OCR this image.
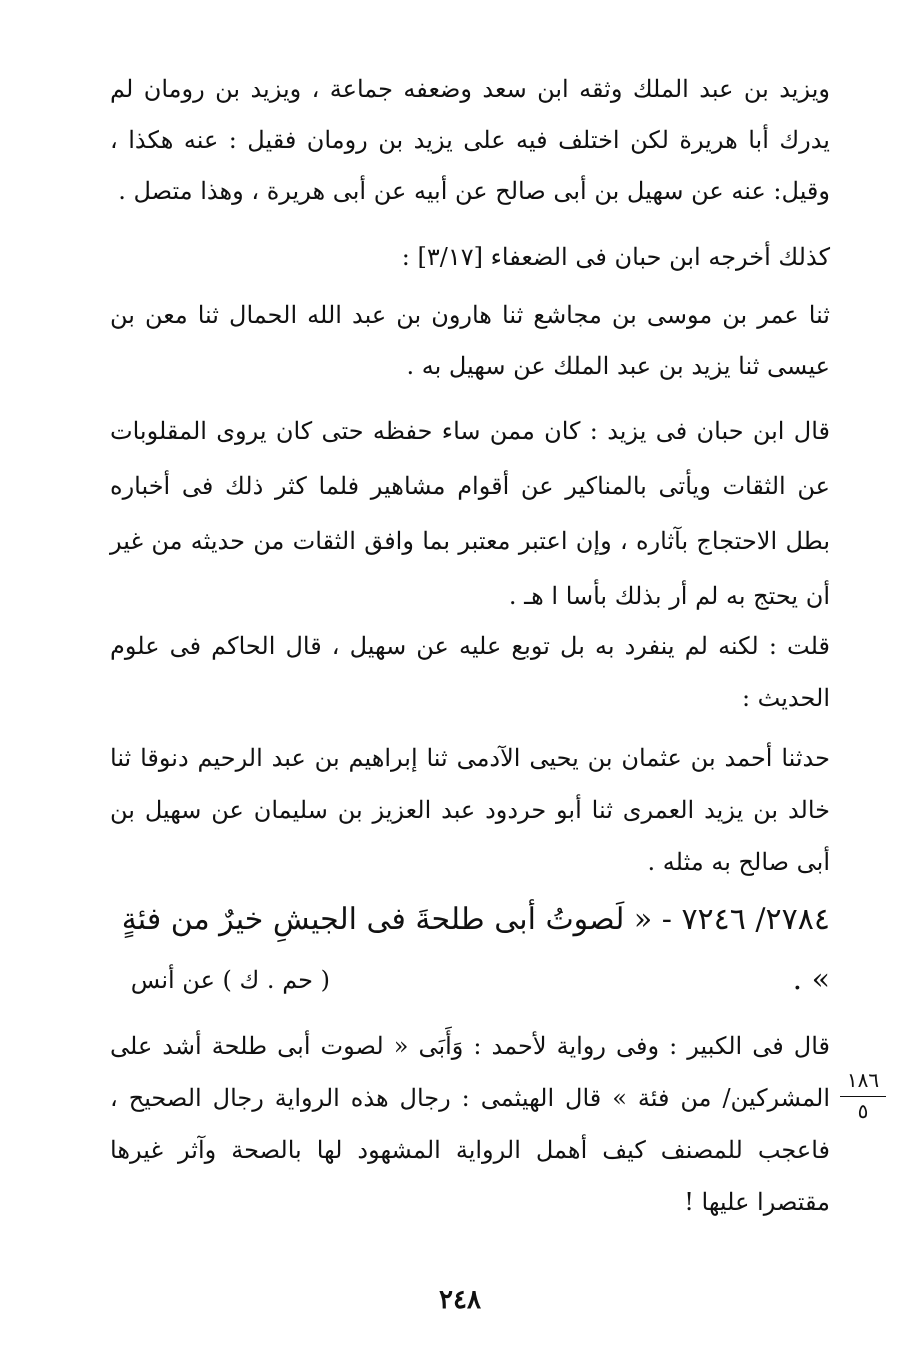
ويزيد بن عبد الملك وثقه ابن سعد وضعفه جماعة ، ويزيد بن رومان لم يدرك أبا هريرة لكن اختلف فيه على يزيد بن رومان فقيل : عنه هكذا ، وقيل: عنه عن سهيل بن أبى صالح عن أبيه عن أبى هريرة ، وهذا متصل .

كذلك أخرجه ابن حبان فى الضعفاء [٣/١٧] :

ثنا عمر بن موسى بن مجاشع ثنا هارون بن عبد الله الحمال ثنا معن بن عيسى ثنا يزيد بن عبد الملك عن سهيل به .

قال ابن حبان فى يزيد : كان ممن ساء حفظه حتى كان يروى المقلوبات عن الثقات ويأتى بالمناكير عن أقوام مشاهير فلما كثر ذلك فى أخباره بطل الاحتجاج بآثاره ، وإن اعتبر معتبر بما وافق الثقات من حديثه من غير أن يحتج به لم أر بذلك بأسا ا هـ .

قلت : لكنه لم ينفرد به بل توبع عليه عن سهيل ، قال الحاكم فى علوم الحديث :

حدثنا أحمد بن عثمان بن يحيى الآدمى ثنا إبراهيم بن عبد الرحيم دنوقا ثنا خالد بن يزيد العمرى ثنا أبو حردود عبد العزيز بن سليمان عن سهيل بن أبى صالح به مثله .

٢٧٨٤/ ٧٢٤٦ - « لَصوتُ أبى طلحةَ فى الجيشِ خيرٌ من فئةٍ » .

( حم . ك ) عن أنس

قال فى الكبير : وفى رواية لأحمد : وَأَبَى « لصوت أبى طلحة أشد على المشركين/ من فئة » قال الهيثمى : رجال هذه الرواية رجال الصحيح ، فاعجب للمصنف كيف أهمل الرواية المشهود لها بالصحة وآثر غيرها مقتصرا عليها !

١٨٦
٥
٢٤٨
